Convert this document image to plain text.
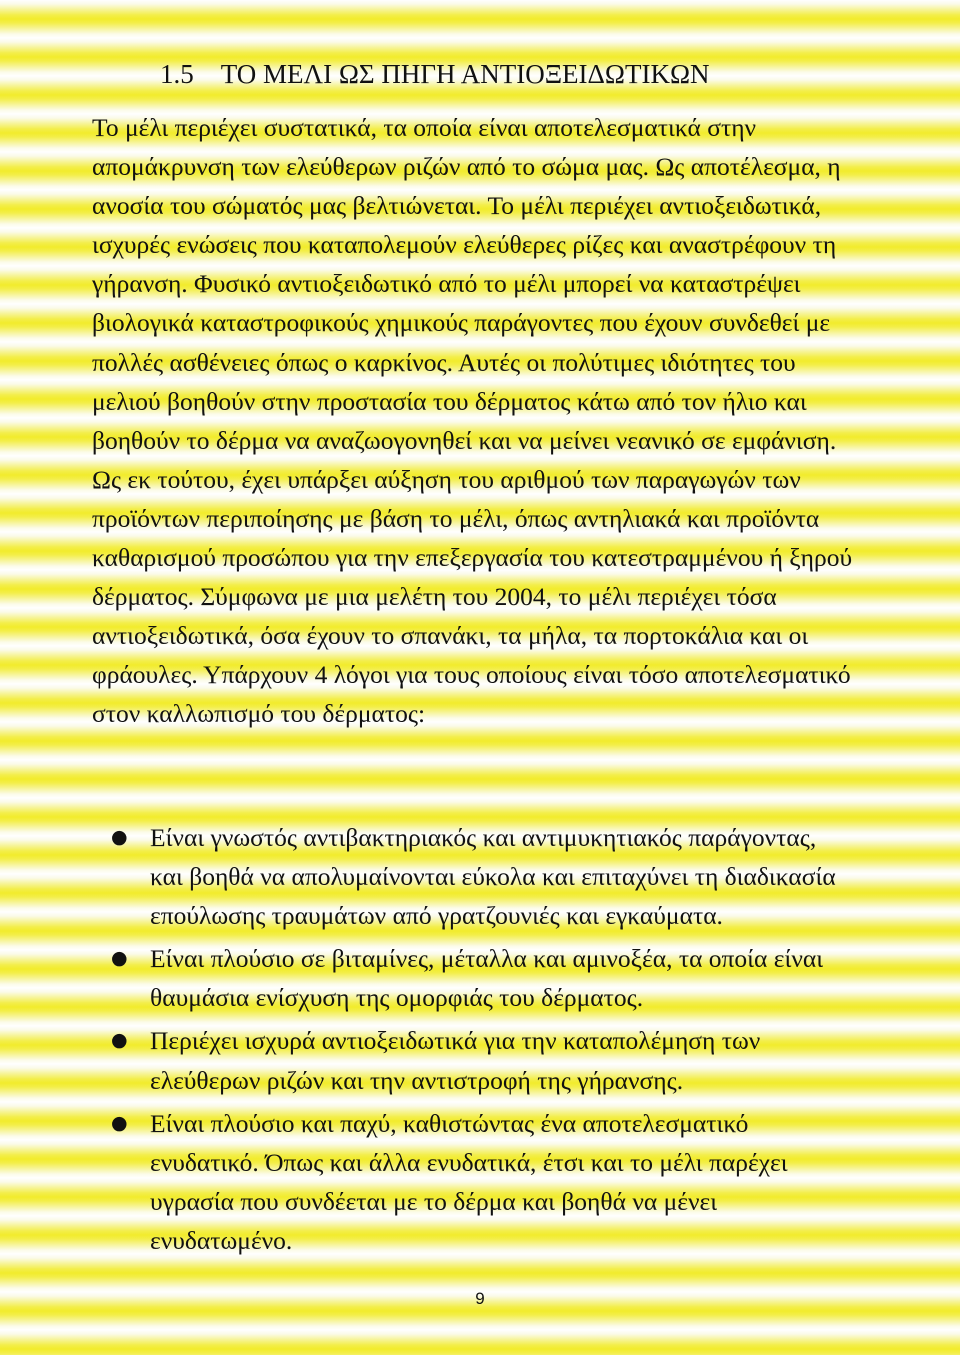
1.5 ΤΟ ΜΕΛΙ ΩΣ ΠΗΓΗ ΑΝΤΙΟΞΕΙΔΩΤΙΚΩΝ

Το μέλι περιέχει συστατικά, τα οποία είναι αποτελεσματικά στην απομάκρυνση των ελεύθερων ριζών από το σώμα μας. Ως αποτέλεσμα, η ανοσία του σώματός μας βελτιώνεται. Το μέλι περιέχει αντιοξειδωτικά, ισχυρές ενώσεις που καταπολεμούν ελεύθερες ρίζες και αναστρέφουν τη γήρανση. Φυσικό αντιοξειδωτικό από το μέλι μπορεί να καταστρέψει βιολογικά καταστροφικούς χημικούς παράγοντες που έχουν συνδεθεί με πολλές ασθένειες όπως ο καρκίνος. Αυτές οι πολύτιμες ιδιότητες του μελιού βοηθούν στην προστασία του δέρματος κάτω από τον ήλιο και βοηθούν το δέρμα να αναζωογονηθεί και να μείνει νεανικό σε εμφάνιση. Ως εκ τούτου, έχει υπάρξει αύξηση του αριθμού των παραγωγών των προϊόντων περιποίησης με βάση το μέλι, όπως αντηλιακά και προϊόντα καθαρισμού προσώπου για την επεξεργασία του κατεστραμμένου ή ξηρού δέρματος. Σύμφωνα με μια μελέτη του 2004, το μέλι περιέχει τόσα αντιοξειδωτικά, όσα έχουν το σπανάκι, τα μήλα, τα πορτοκάλια και οι φράουλες. Υπάρχουν 4 λόγοι για τους οποίους είναι τόσο αποτελεσματικό στον καλλωπισμό του δέρματος:

● Είναι γνωστός αντιβακτηριακός και αντιμυκητιακός παράγοντας, και βοηθά να απολυμαίνονται εύκολα και επιταχύνει τη διαδικασία επούλωσης τραυμάτων από γρατζουνιές και εγκαύματα.
● Είναι πλούσιο σε βιταμίνες, μέταλλα και αμινοξέα, τα οποία είναι θαυμάσια ενίσχυση της ομορφιάς του δέρματος.
● Περιέχει ισχυρά αντιοξειδωτικά για την καταπολέμηση των ελεύθερων ριζών και την αντιστροφή της γήρανσης.
● Είναι πλούσιο και παχύ, καθιστώντας ένα αποτελεσματικό ενυδατικό. Όπως και άλλα ενυδατικά, έτσι και το μέλι παρέχει υγρασία που συνδέεται με το δέρμα και βοηθά να μένει ενυδατωμένο.
9
